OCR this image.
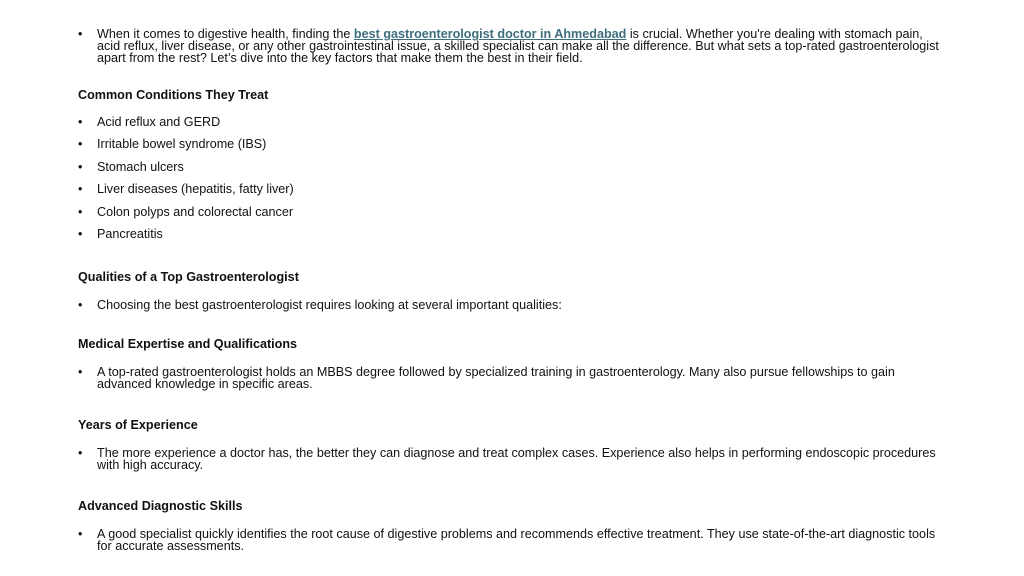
• When it comes to digestive health, finding the best gastroenterologist doctor in Ahmedabad is crucial. Whether you're dealing with stomach pain, acid reflux, liver disease, or any other gastrointestinal issue, a skilled specialist can make all the difference. But what sets a top-rated gastroenterologist apart from the rest? Let’s dive into the key factors that make them the best in their field.
Common Conditions They Treat
• Acid reflux and GERD
• Irritable bowel syndrome (IBS)
• Stomach ulcers
• Liver diseases (hepatitis, fatty liver)
• Colon polyps and colorectal cancer
• Pancreatitis
Qualities of a Top Gastroenterologist
• Choosing the best gastroenterologist requires looking at several important qualities:
Medical Expertise and Qualifications
• A top-rated gastroenterologist holds an MBBS degree followed by specialized training in gastroenterology. Many also pursue fellowships to gain advanced knowledge in specific areas.
Years of Experience
• The more experience a doctor has, the better they can diagnose and treat complex cases. Experience also helps in performing endoscopic procedures with high accuracy.
Advanced Diagnostic Skills
• A good specialist quickly identifies the root cause of digestive problems and recommends effective treatment. They use state-of-the-art diagnostic tools for accurate assessments.
